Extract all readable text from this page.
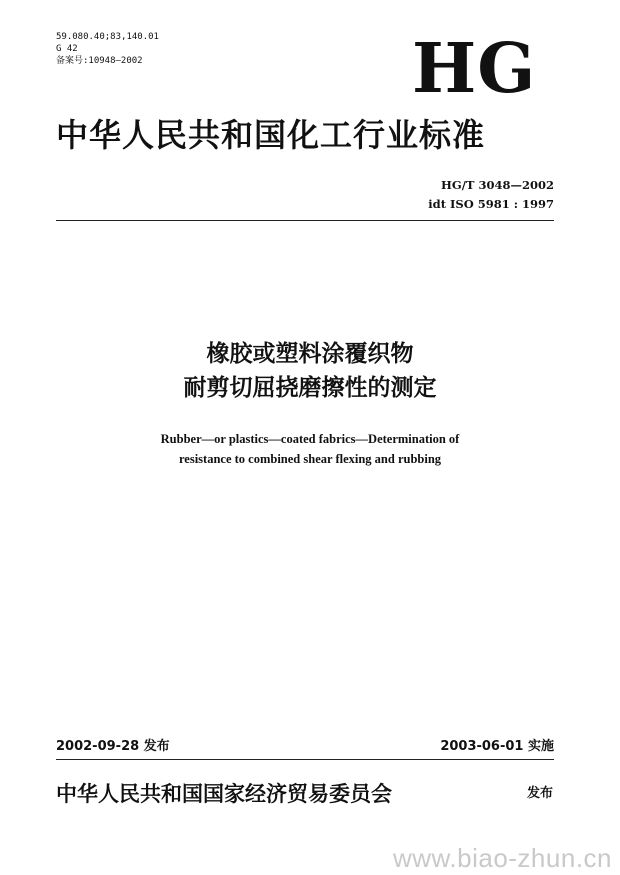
59.080.40;83,140.01
G 42
备案号:10948—2002	HG
中华人民共和国化工行业标准
HG/T 3048—2002
idt ISO 5981 : 1997
橡胶或塑料涂覆织物
耐剪切屈挠磨擦性的测定
Rubber—or plastics—coated fabrics—Determination of
resistance to combined shear flexing and rubbing
2002-09-28 发布	2003-06-01 实施
中华人民共和国国家经济贸易委员会	发布
www.biao-zhun.cn
